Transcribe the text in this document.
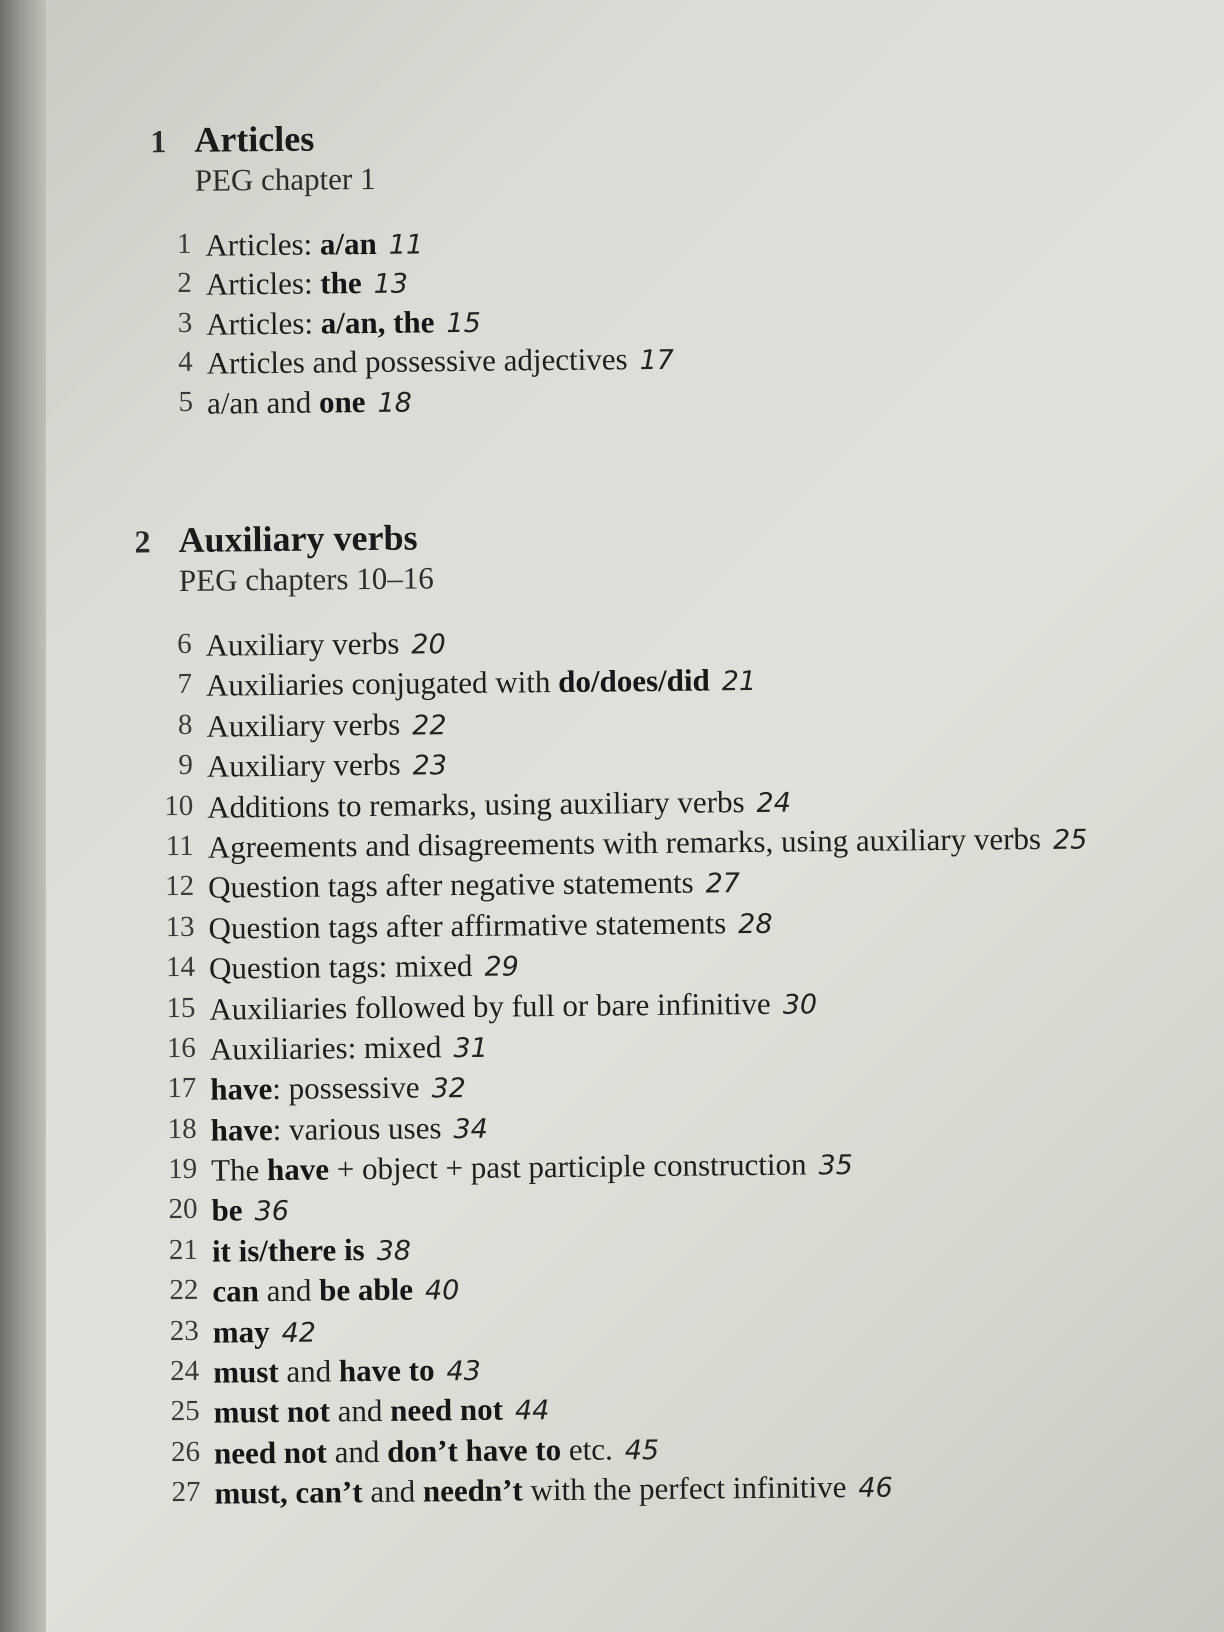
1 Articles
PEG chapter 1
1 Articles: a/an 11
2 Articles: the 13
3 Articles: a/an, the 15
4 Articles and possessive adjectives 17
5 a/an and one 18
2 Auxiliary verbs
PEG chapters 10–16
6 Auxiliary verbs 20
7 Auxiliaries conjugated with do/does/did 21
8 Auxiliary verbs 22
9 Auxiliary verbs 23
10 Additions to remarks, using auxiliary verbs 24
11 Agreements and disagreements with remarks, using auxiliary verbs 25
12 Question tags after negative statements 27
13 Question tags after affirmative statements 28
14 Question tags: mixed 29
15 Auxiliaries followed by full or bare infinitive 30
16 Auxiliaries: mixed 31
17 have: possessive 32
18 have: various uses 34
19 The have + object + past participle construction 35
20 be 36
21 it is/there is 38
22 can and be able 40
23 may 42
24 must and have to 43
25 must not and need not 44
26 need not and don’t have to etc. 45
27 must, can’t and needn’t with the perfect infinitive 46
